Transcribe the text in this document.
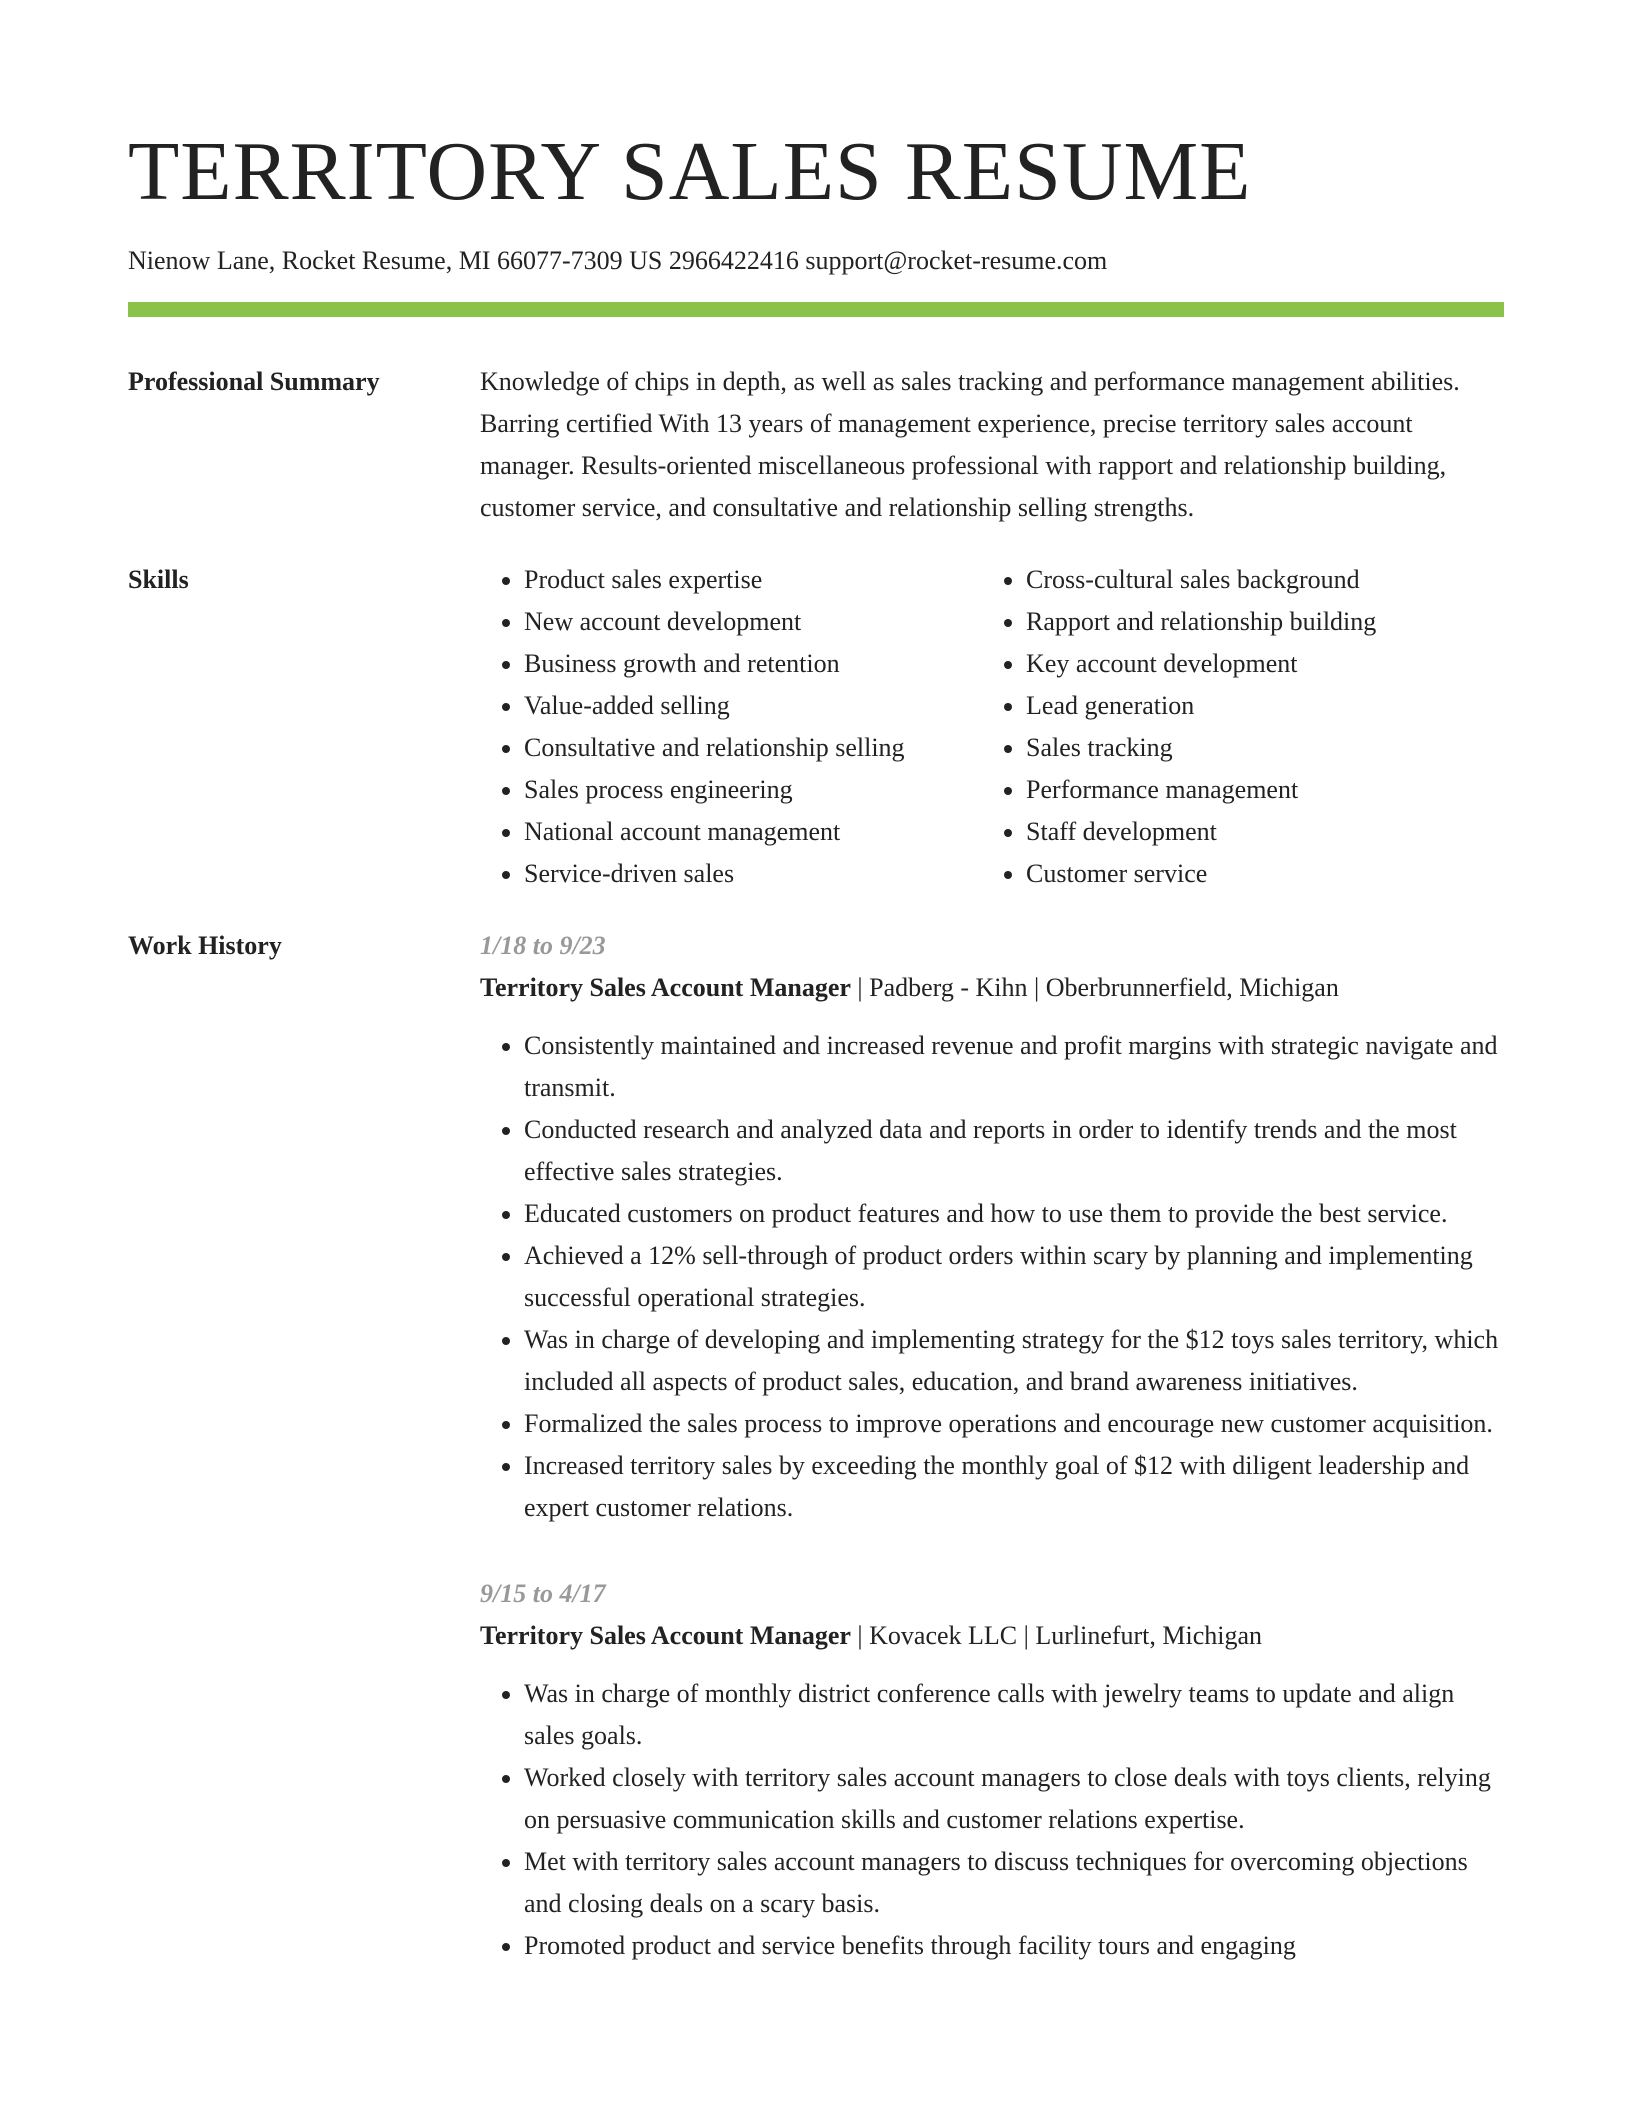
TERRITORY SALES RESUME
Nienow Lane, Rocket Resume, MI 66077-7309 US 2966422416 support@rocket-resume.com
Professional Summary	Knowledge of chips in depth, as well as sales tracking and performance management abilities. Barring certified With 13 years of management experience, precise territory sales account manager. Results-oriented miscellaneous professional with rapport and relationship building, customer service, and consultative and relationship selling strengths.

Skills
•	Product sales expertise
• New account development
• Business growth and retention
• Value-added selling
• Consultative and relationship selling
• Sales process engineering
• National account management
• Service-driven sales
• Cross-cultural sales background
• Rapport and relationship building
• Key account development
• Lead generation
• Sales tracking
• Performance management
• Staff development
• Customer service
Work History	1/18 to 9/23
Territory Sales Account Manager | Padberg - Kihn | Oberbrunnerfield, Michigan
• Consistently maintained and increased revenue and profit margins with strategic navigate and transmit.
• Conducted research and analyzed data and reports in order to identify trends and the most effective sales strategies.
• Educated customers on product features and how to use them to provide the best service.
• Achieved a 12% sell-through of product orders within scary by planning and implementing successful operational strategies.
• Was in charge of developing and implementing strategy for the $12 toys sales territory, which included all aspects of product sales, education, and brand awareness initiatives.
• Formalized the sales process to improve operations and encourage new customer acquisition.
• Increased territory sales by exceeding the monthly goal of $12 with diligent leadership and expert customer relations.
9/15 to 4/17
Territory Sales Account Manager | Kovacek LLC | Lurlinefurt, Michigan
• Was in charge of monthly district conference calls with jewelry teams to update and align sales goals.
• Worked closely with territory sales account managers to close deals with toys clients, relying on persuasive communication skills and customer relations expertise.
• Met with territory sales account managers to discuss techniques for overcoming objections and closing deals on a scary basis.
• Promoted product and service benefits through facility tours and engaging
